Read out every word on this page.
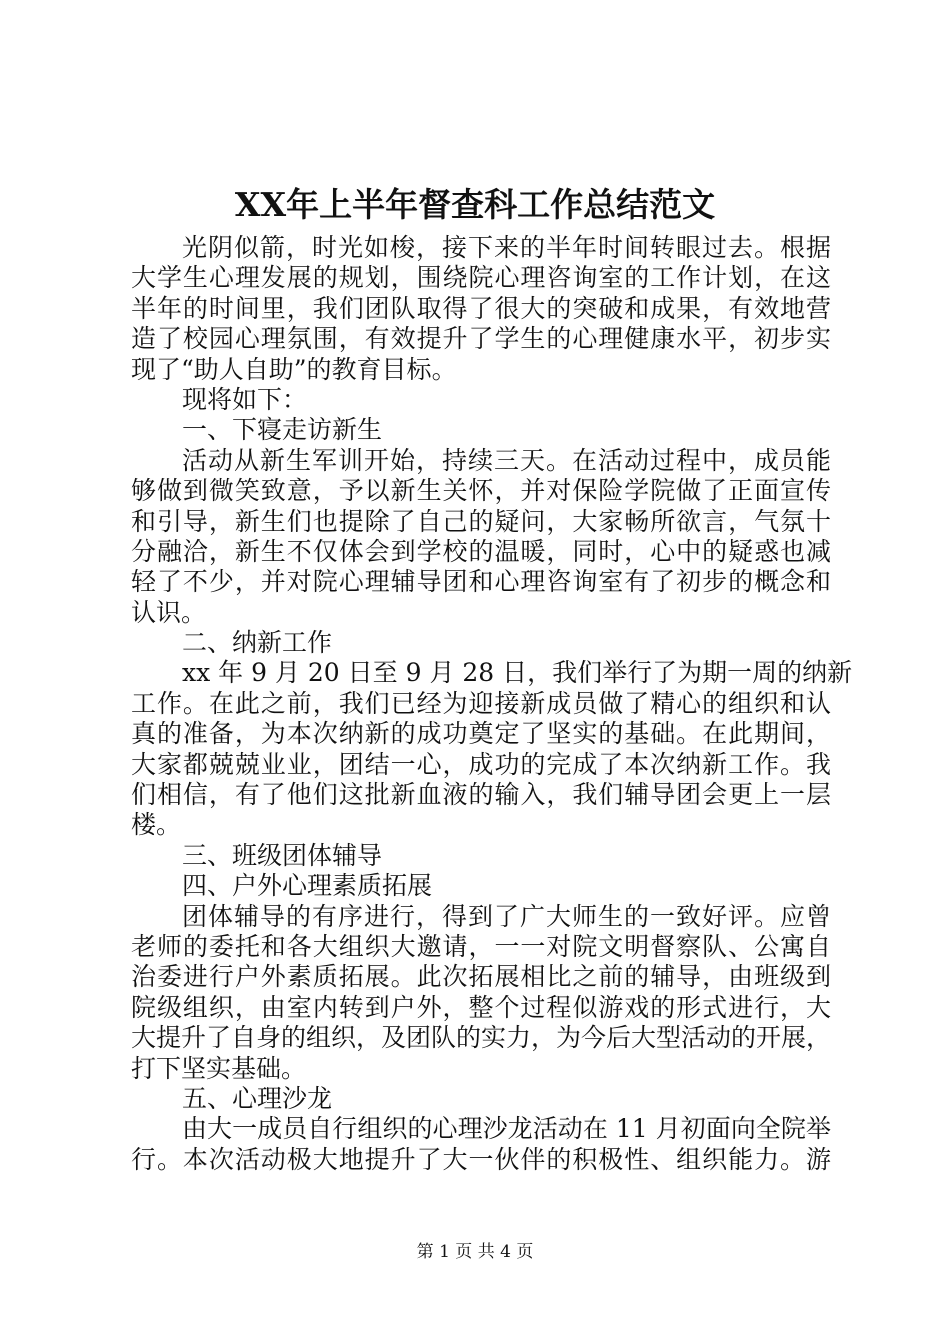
XX年上半年督查科工作总结范文
光阴似箭，时光如梭，接下来的半年时间转眼过去。根据
大学生心理发展的规划，围绕院心理咨询室的工作计划，在这
半年的时间里，我们团队取得了很大的突破和成果，有效地营
造了校园心理氛围，有效提升了学生的心理健康水平，初步实
现了“助人自助”的教育目标。
现将如下：
一、下寝走访新生
活动从新生军训开始，持续三天。在活动过程中，成员能
够做到微笑致意，予以新生关怀，并对保险学院做了正面宣传
和引导，新生们也提除了自己的疑问，大家畅所欲言，气氛十
分融洽，新生不仅体会到学校的温暖，同时，心中的疑惑也减
轻了不少，并对院心理辅导团和心理咨询室有了初步的概念和
认识。
二、纳新工作
xx 年 9 月 20 日至 9 月 28 日，我们举行了为期一周的纳新
工作。在此之前，我们已经为迎接新成员做了精心的组织和认
真的准备，为本次纳新的成功奠定了坚实的基础。在此期间，
大家都兢兢业业，团结一心，成功的完成了本次纳新工作。我
们相信，有了他们这批新血液的输入，我们辅导团会更上一层
楼。
三、班级团体辅导
四、户外心理素质拓展
团体辅导的有序进行，得到了广大师生的一致好评。应曾
老师的委托和各大组织大邀请，一一对院文明督察队、公寓自
治委进行户外素质拓展。此次拓展相比之前的辅导，由班级到
院级组织，由室内转到户外，整个过程似游戏的形式进行，大
大提升了自身的组织，及团队的实力，为今后大型活动的开展，
打下坚实基础。
五、心理沙龙
由大一成员自行组织的心理沙龙活动在 11 月初面向全院举
行。本次活动极大地提升了大一伙伴的积极性、组织能力。游
第 1 页 共 4 页
